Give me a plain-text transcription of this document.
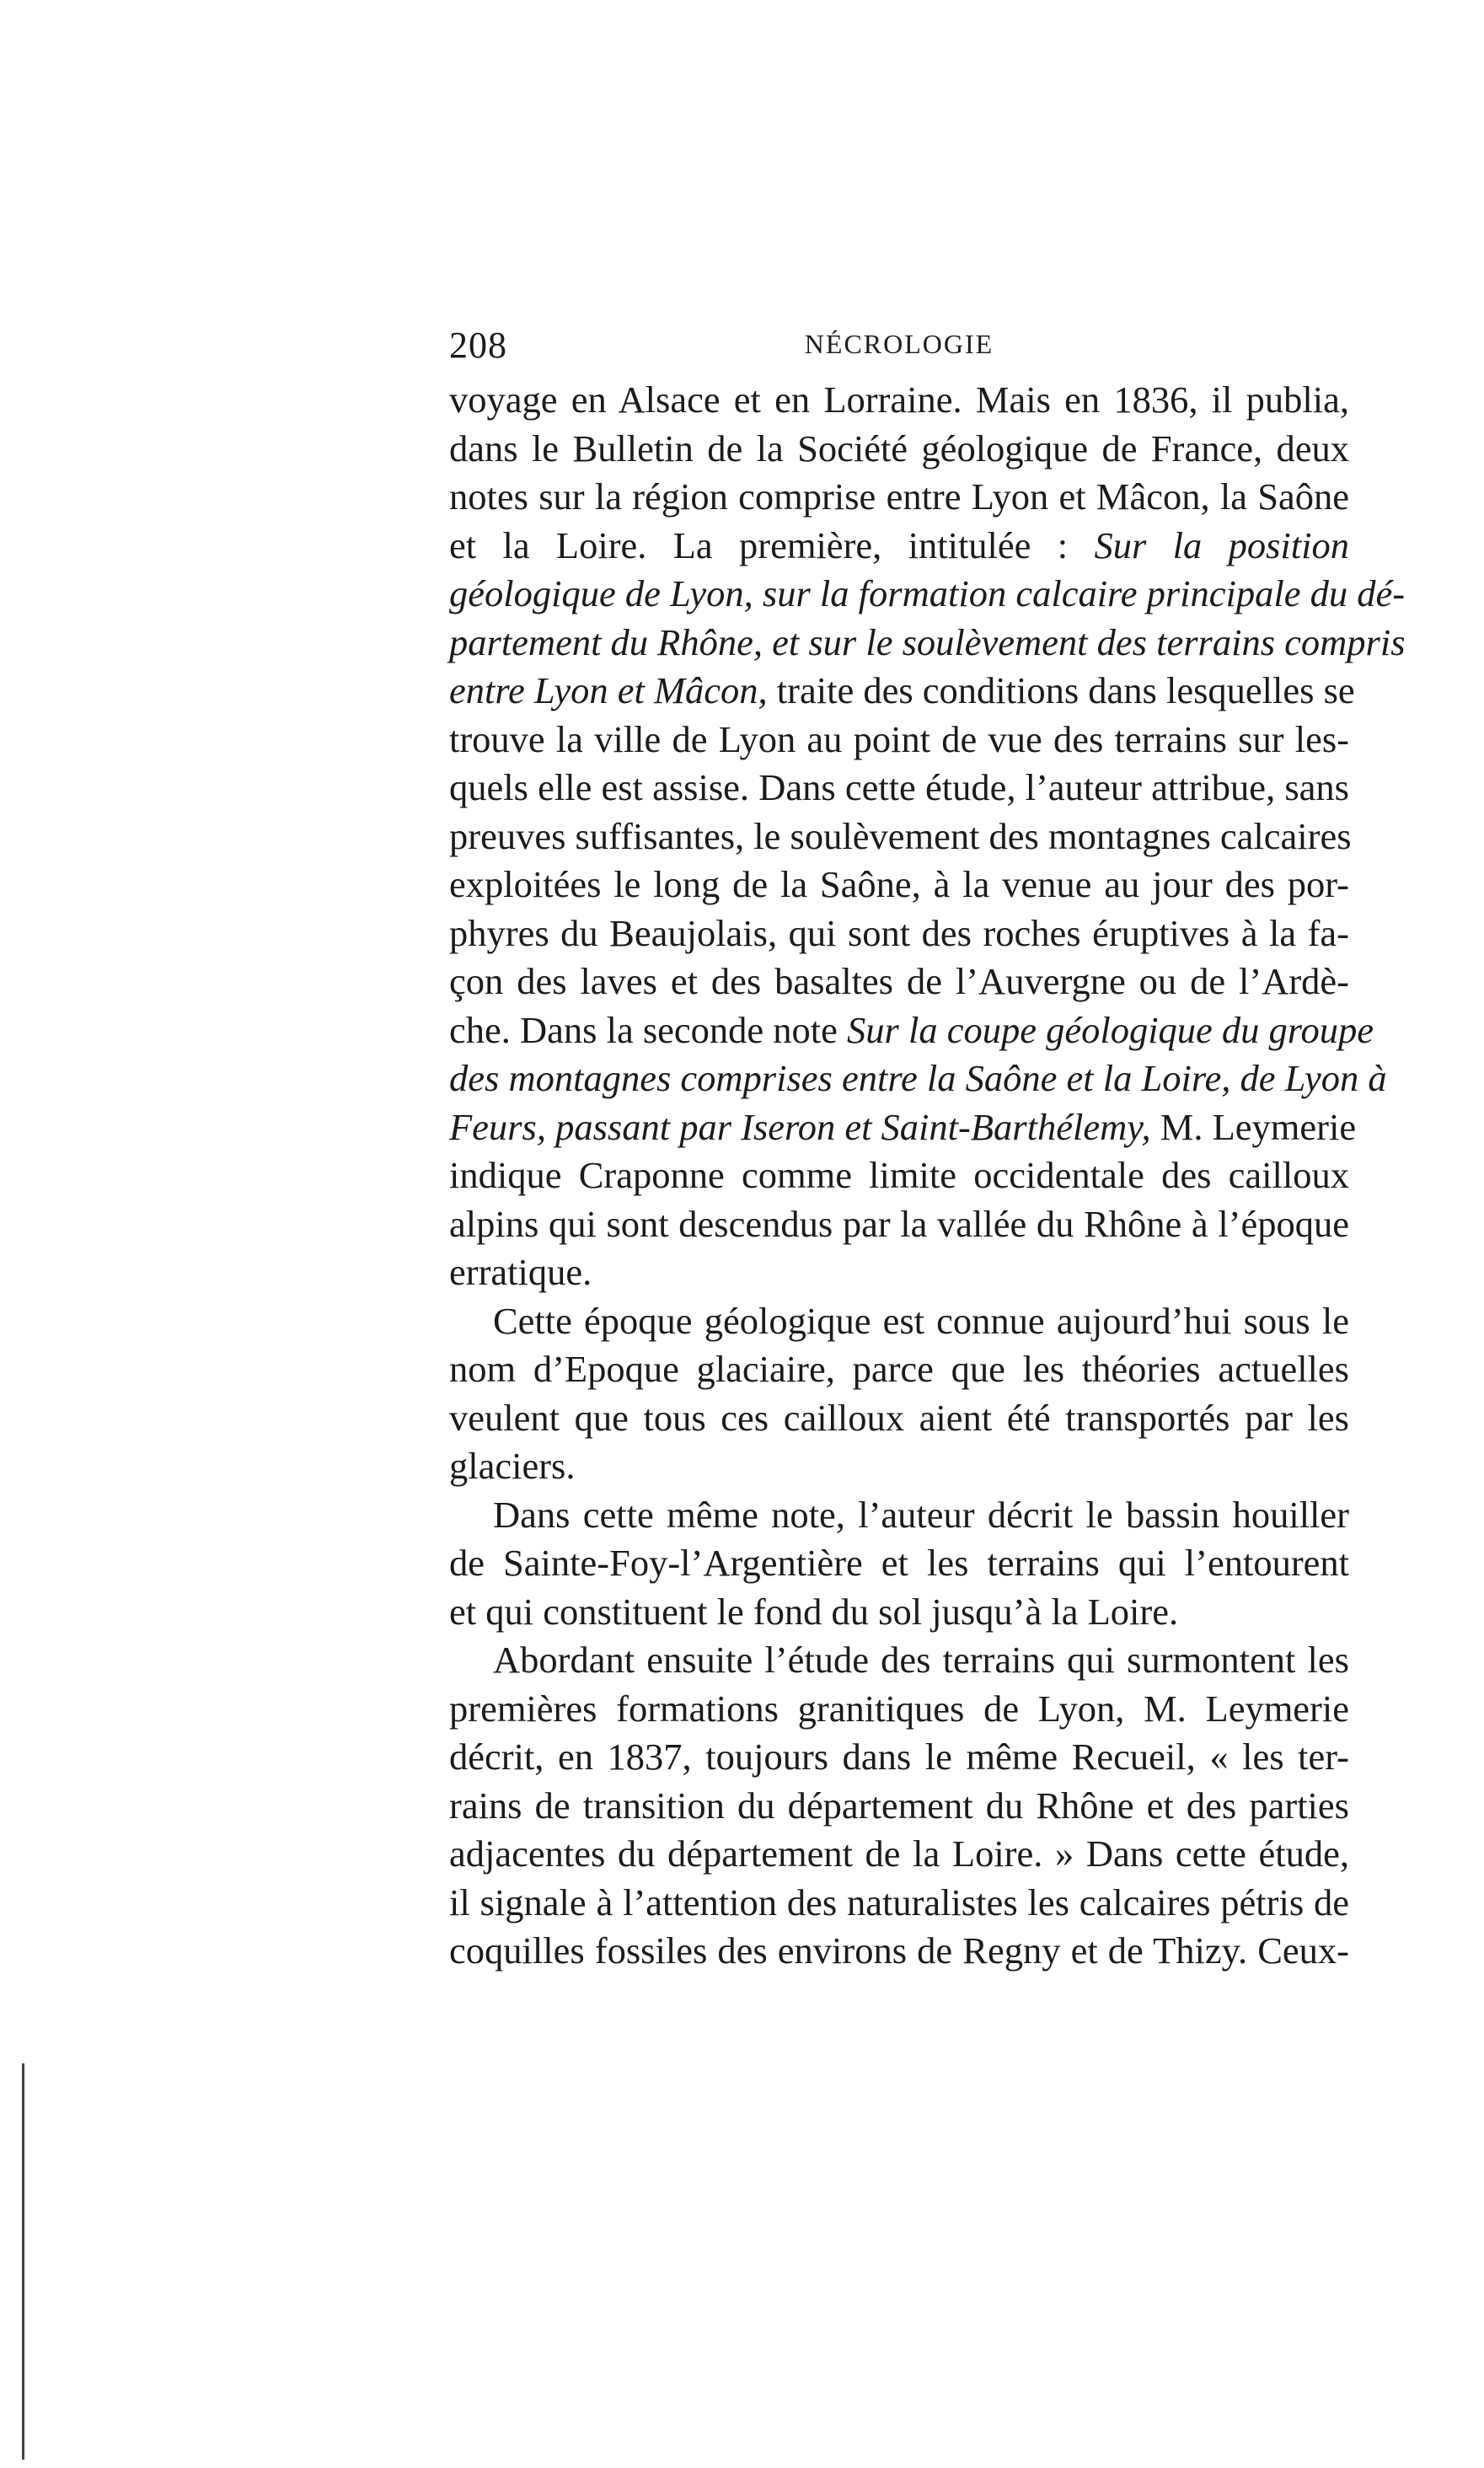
208	NÉCROLOGIE

voyage en Alsace et en Lorraine. Mais en 1836, il publia,
dans le Bulletin de la Société géologique de France, deux
notes sur la région comprise entre Lyon et Mâcon, la Saône
et la Loire. La première, intitulée : Sur la position
géologique de Lyon, sur la formation calcaire principale du dé-
partement du Rhône, et sur le soulèvement des terrains compris
entre Lyon et Mâcon, traite des conditions dans lesquelles se
trouve la ville de Lyon au point de vue des terrains sur les-
quels elle est assise. Dans cette étude, l’auteur attribue, sans
preuves suffisantes, le soulèvement des montagnes calcaires
exploitées le long de la Saône, à la venue au jour des por-
phyres du Beaujolais, qui sont des roches éruptives à la fa-
çon des laves et des basaltes de l’Auvergne ou de l’Ardè-
che. Dans la seconde note Sur la coupe géologique du groupe
des montagnes comprises entre la Saône et la Loire, de Lyon à
Feurs, passant par Iseron et Saint-Barthélemy, M. Leymerie
indique Craponne comme limite occidentale des cailloux
alpins qui sont descendus par la vallée du Rhône à l’époque
erratique.

Cette époque géologique est connue aujourd’hui sous le
nom d’Epoque glaciaire, parce que les théories actuelles
veulent que tous ces cailloux aient été transportés par les
glaciers.

Dans cette même note, l’auteur décrit le bassin houiller
de Sainte-Foy-l’Argentière et les terrains qui l’entourent
et qui constituent le fond du sol jusqu’à la Loire.

Abordant ensuite l’étude des terrains qui surmontent les
premières formations granitiques de Lyon, M. Leymerie
décrit, en 1837, toujours dans le même Recueil, « les ter-
rains de transition du département du Rhône et des parties
adjacentes du département de la Loire. » Dans cette étude,
il signale à l’attention des naturalistes les calcaires pétris de
coquilles fossiles des environs de Regny et de Thizy. Ceux-
